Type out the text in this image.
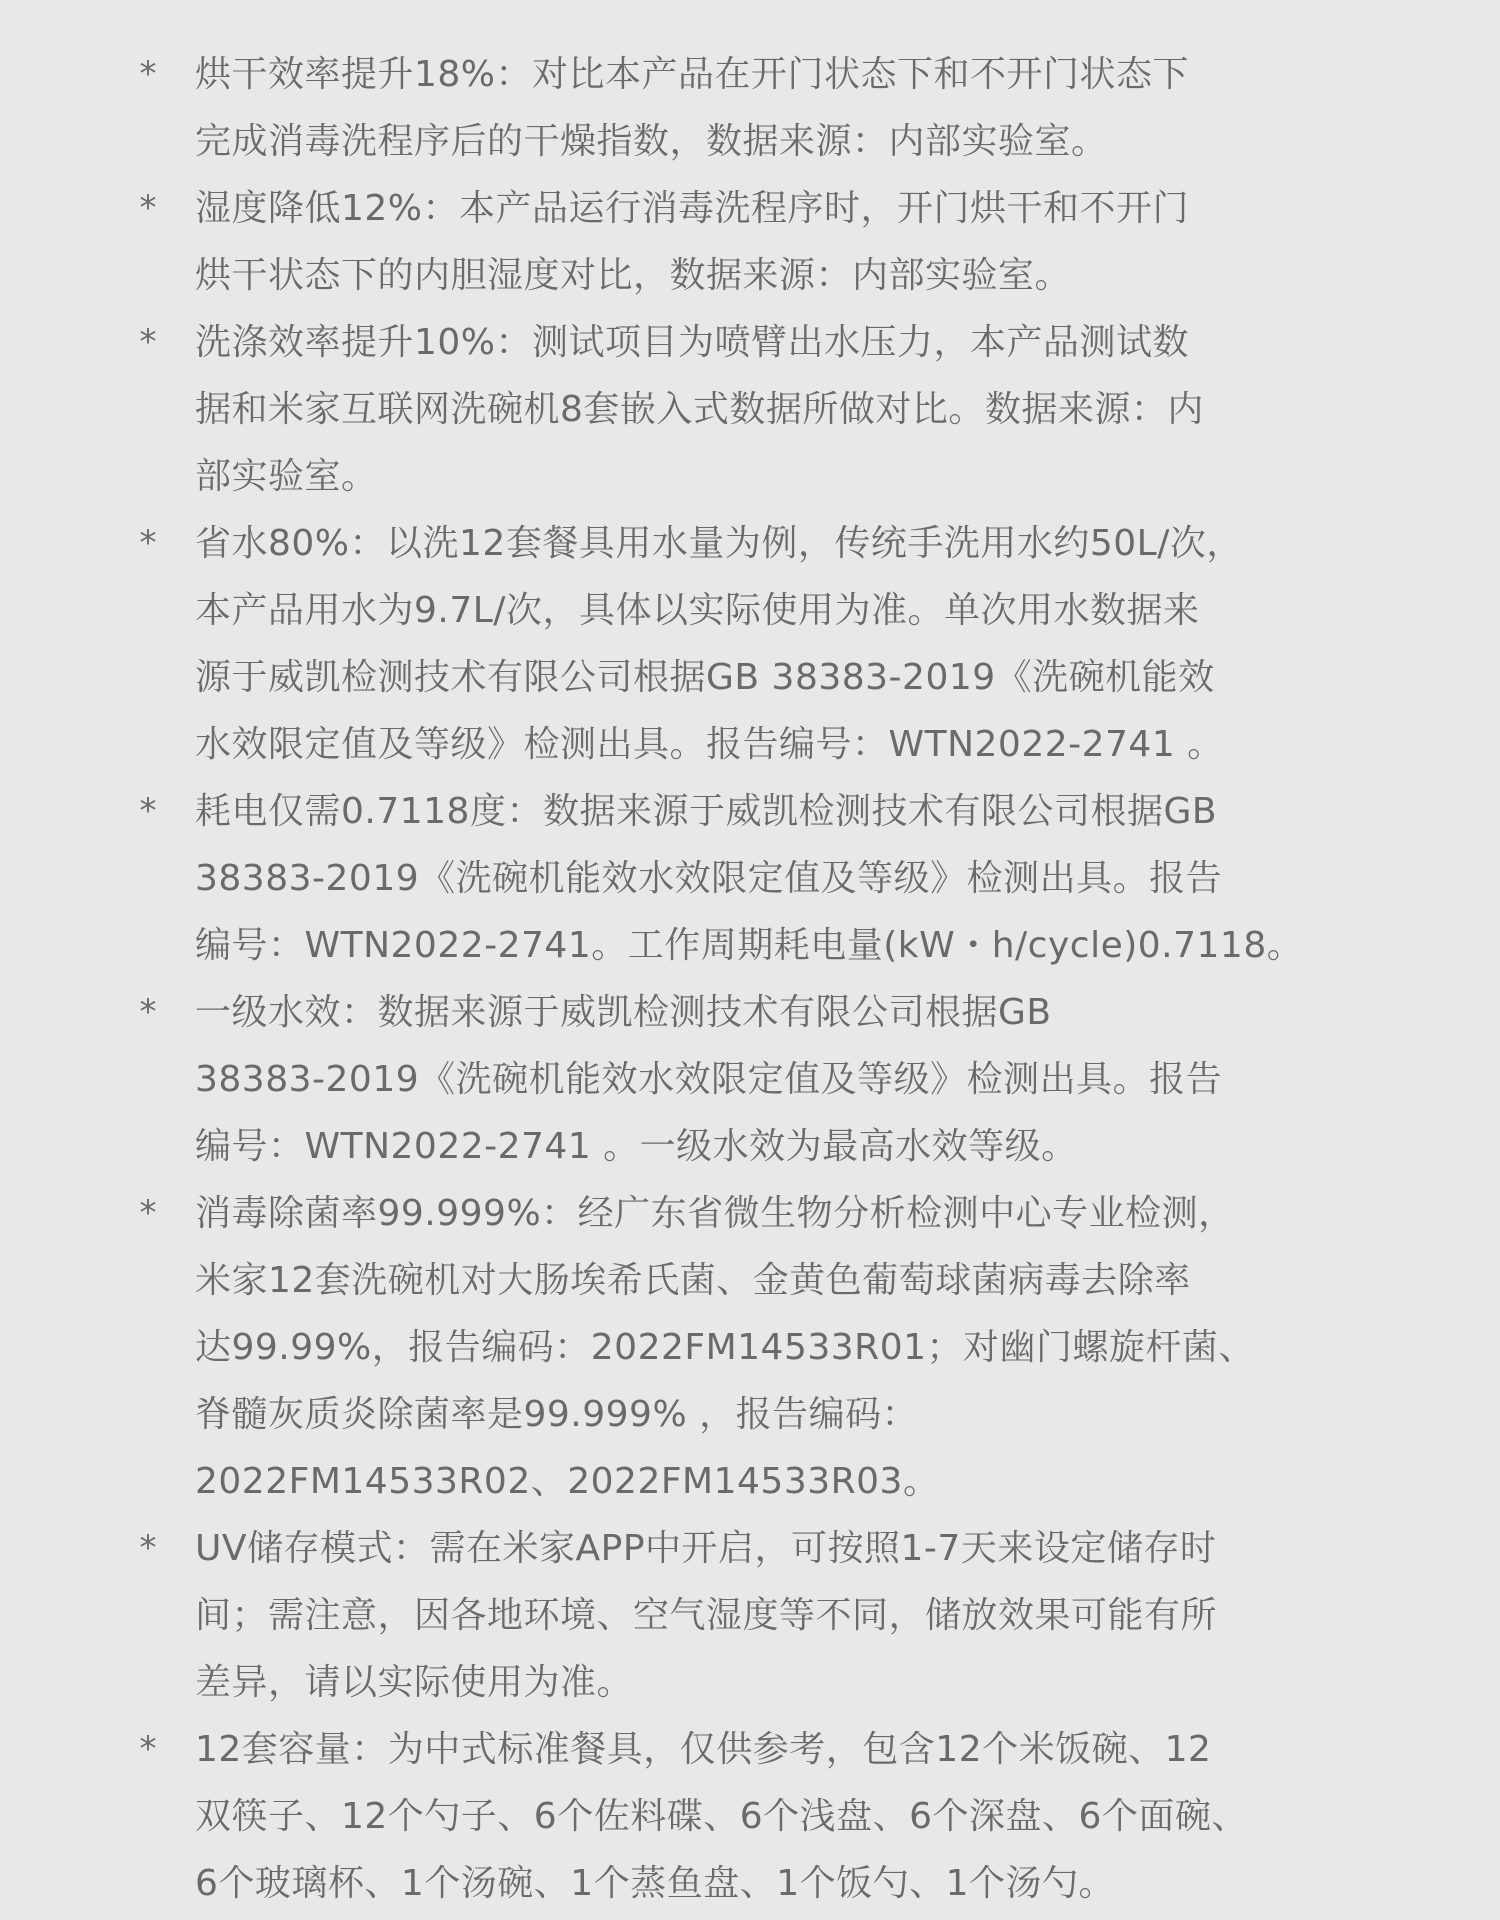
* 烘干效率提升18%：对比本产品在开门状态下和不开门状态下
完成消毒洗程序后的干燥指数，数据来源：内部实验室。
* 湿度降低12%：本产品运行消毒洗程序时，开门烘干和不开门
烘干状态下的内胆湿度对比，数据来源：内部实验室。
* 洗涤效率提升10%：测试项目为喷臂出水压力，本产品测试数
据和米家互联网洗碗机8套嵌入式数据所做对比。数据来源：内
部实验室。
* 省水80%：以洗12套餐具用水量为例，传统手洗用水约50L/次，
本产品用水为9.7L/次，具体以实际使用为准。单次用水数据来
源于威凯检测技术有限公司根据GB 38383-2019《洗碗机能效
水效限定值及等级》检测出具。报告编号：WTN2022-2741 。
* 耗电仅需0.7118度：数据来源于威凯检测技术有限公司根据GB
38383-2019《洗碗机能效水效限定值及等级》检测出具。报告
编号：WTN2022-2741。工作周期耗电量(kW・h/cycle)0.7118。
* 一级水效：数据来源于威凯检测技术有限公司根据GB
38383-2019《洗碗机能效水效限定值及等级》检测出具。报告
编号：WTN2022-2741 。一级水效为最高水效等级。
* 消毒除菌率99.999%：经广东省微生物分析检测中心专业检测，
米家12套洗碗机对大肠埃希氏菌、金黄色葡萄球菌病毒去除率
达99.99%，报告编码：2022FM14533R01；对幽门螺旋杆菌、
脊髓灰质炎除菌率是99.999% ，报告编码：
2022FM14533R02、2022FM14533R03。
* UV储存模式：需在米家APP中开启，可按照1-7天来设定储存时
间；需注意，因各地环境、空气湿度等不同，储放效果可能有所
差异，请以实际使用为准。
* 12套容量：为中式标准餐具，仅供参考，包含12个米饭碗、12
双筷子、12个勺子、6个佐料碟、6个浅盘、6个深盘、6个面碗、
6个玻璃杯、1个汤碗、1个蒸鱼盘、1个饭勺、1个汤勺。
